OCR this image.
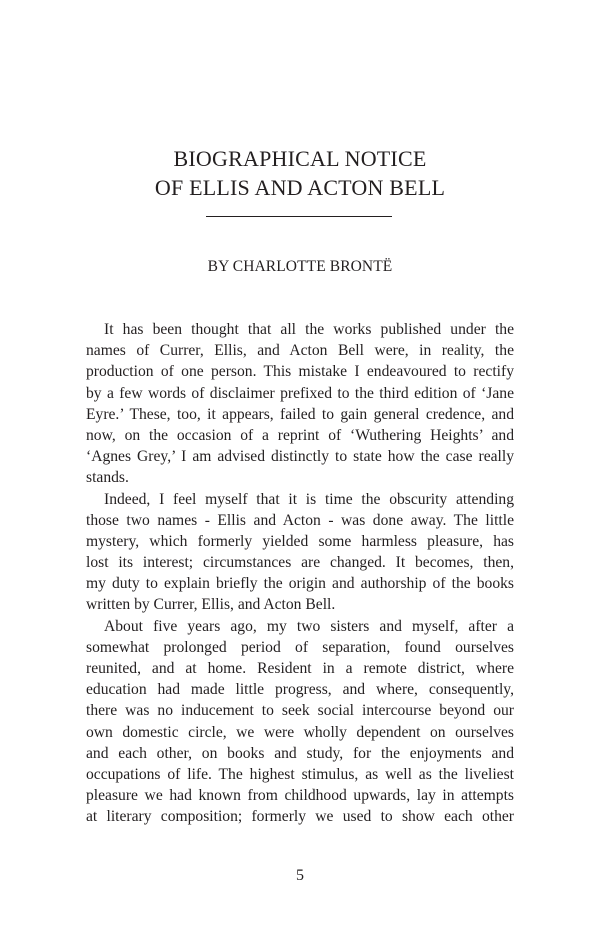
BIOGRAPHICAL NOTICE
OF ELLIS AND ACTON BELL
BY CHARLOTTE BRONTË

It has been thought that all the works published under the
names of Currer, Ellis, and Acton Bell were, in reality, the
production of one person. This mistake I endeavoured to rectify
by a few words of disclaimer prefixed to the third edition of ‘Jane
Eyre.’ These, too, it appears, failed to gain general credence, and
now, on the occasion of a reprint of ‘Wuthering Heights’ and
‘Agnes Grey,’ I am advised distinctly to state how the case really
stands.

Indeed, I feel myself that it is time the obscurity attending
those two names - Ellis and Acton - was done away. The little
mystery, which formerly yielded some harmless pleasure, has
lost its interest; circumstances are changed. It becomes, then,
my duty to explain briefly the origin and authorship of the books
written by Currer, Ellis, and Acton Bell.

About five years ago, my two sisters and myself, after a
somewhat prolonged period of separation, found ourselves
reunited, and at home. Resident in a remote district, where
education had made little progress, and where, consequently,
there was no inducement to seek social intercourse beyond our
own domestic circle, we were wholly dependent on ourselves
and each other, on books and study, for the enjoyments and
occupations of life. The highest stimulus, as well as the liveliest
pleasure we had known from childhood upwards, lay in attempts
at literary composition; formerly we used to show each other

5
